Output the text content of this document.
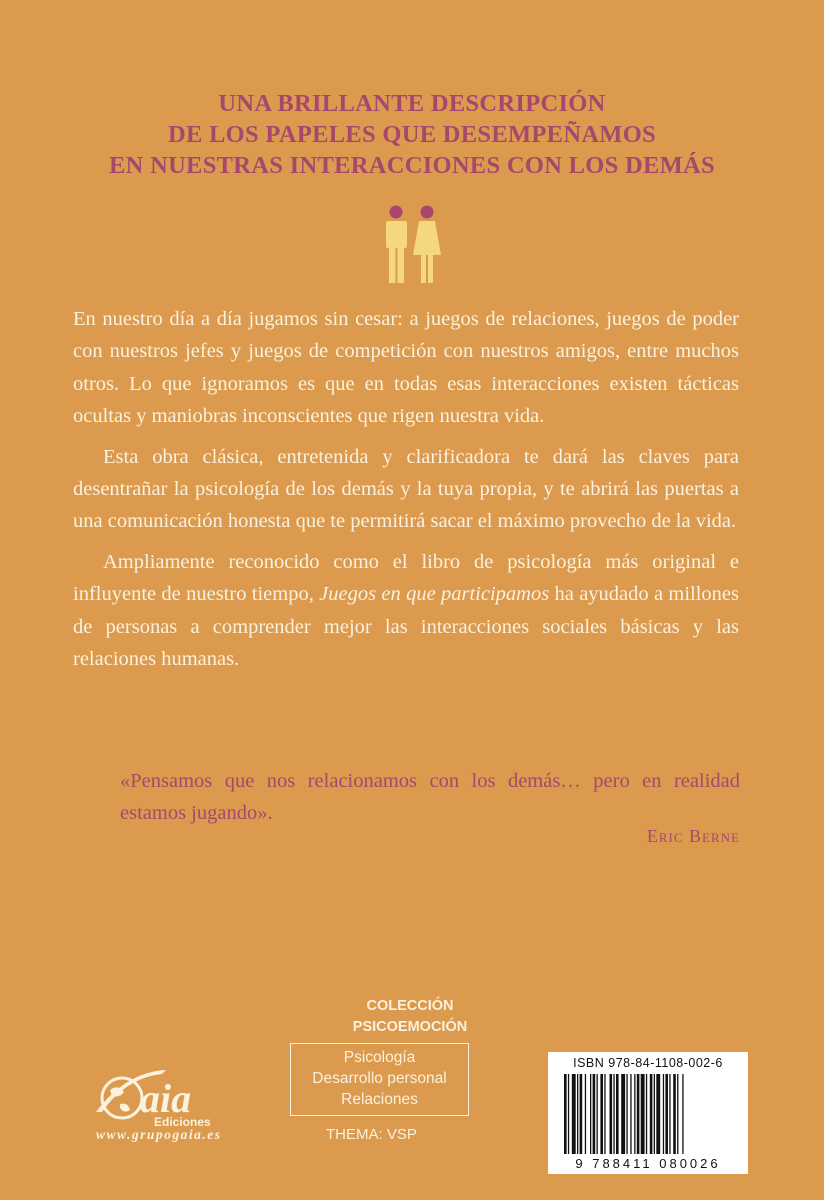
UNA BRILLANTE DESCRIPCIÓN
DE LOS PAPELES QUE DESEMPEÑAMOS
EN NUESTRAS INTERACCIONES CON LOS DEMÁS

En nuestro día a día jugamos sin cesar: a juegos de relaciones, juegos de poder con nuestros jefes y juegos de competición con nuestros amigos, entre muchos otros. Lo que ignoramos es que en todas esas interacciones existen tácticas ocultas y maniobras inconscientes que rigen nuestra vida.

Esta obra clásica, entretenida y clarificadora te dará las claves para desentrañar la psicología de los demás y la tuya propia, y te abrirá las puertas a una comunicación honesta que te permitirá sacar el máximo provecho de la vida.

Ampliamente reconocido como el libro de psicología más original e influyente de nuestro tiempo, Juegos en que participamos ha ayudado a millones de personas a comprender mejor las interacciones sociales básicas y las relaciones humanas.

«Pensamos que nos relacionamos con los demás… pero en realidad estamos jugando».
Eric Berne
COLECCIÓN
PSICOEMOCIÓN
Psicología
Desarrollo personal
Relaciones
THEMA: VSP
aia
Ediciones
www.grupogaia.es
ISBN 978-84-1108-002-6
9 788411 080026
